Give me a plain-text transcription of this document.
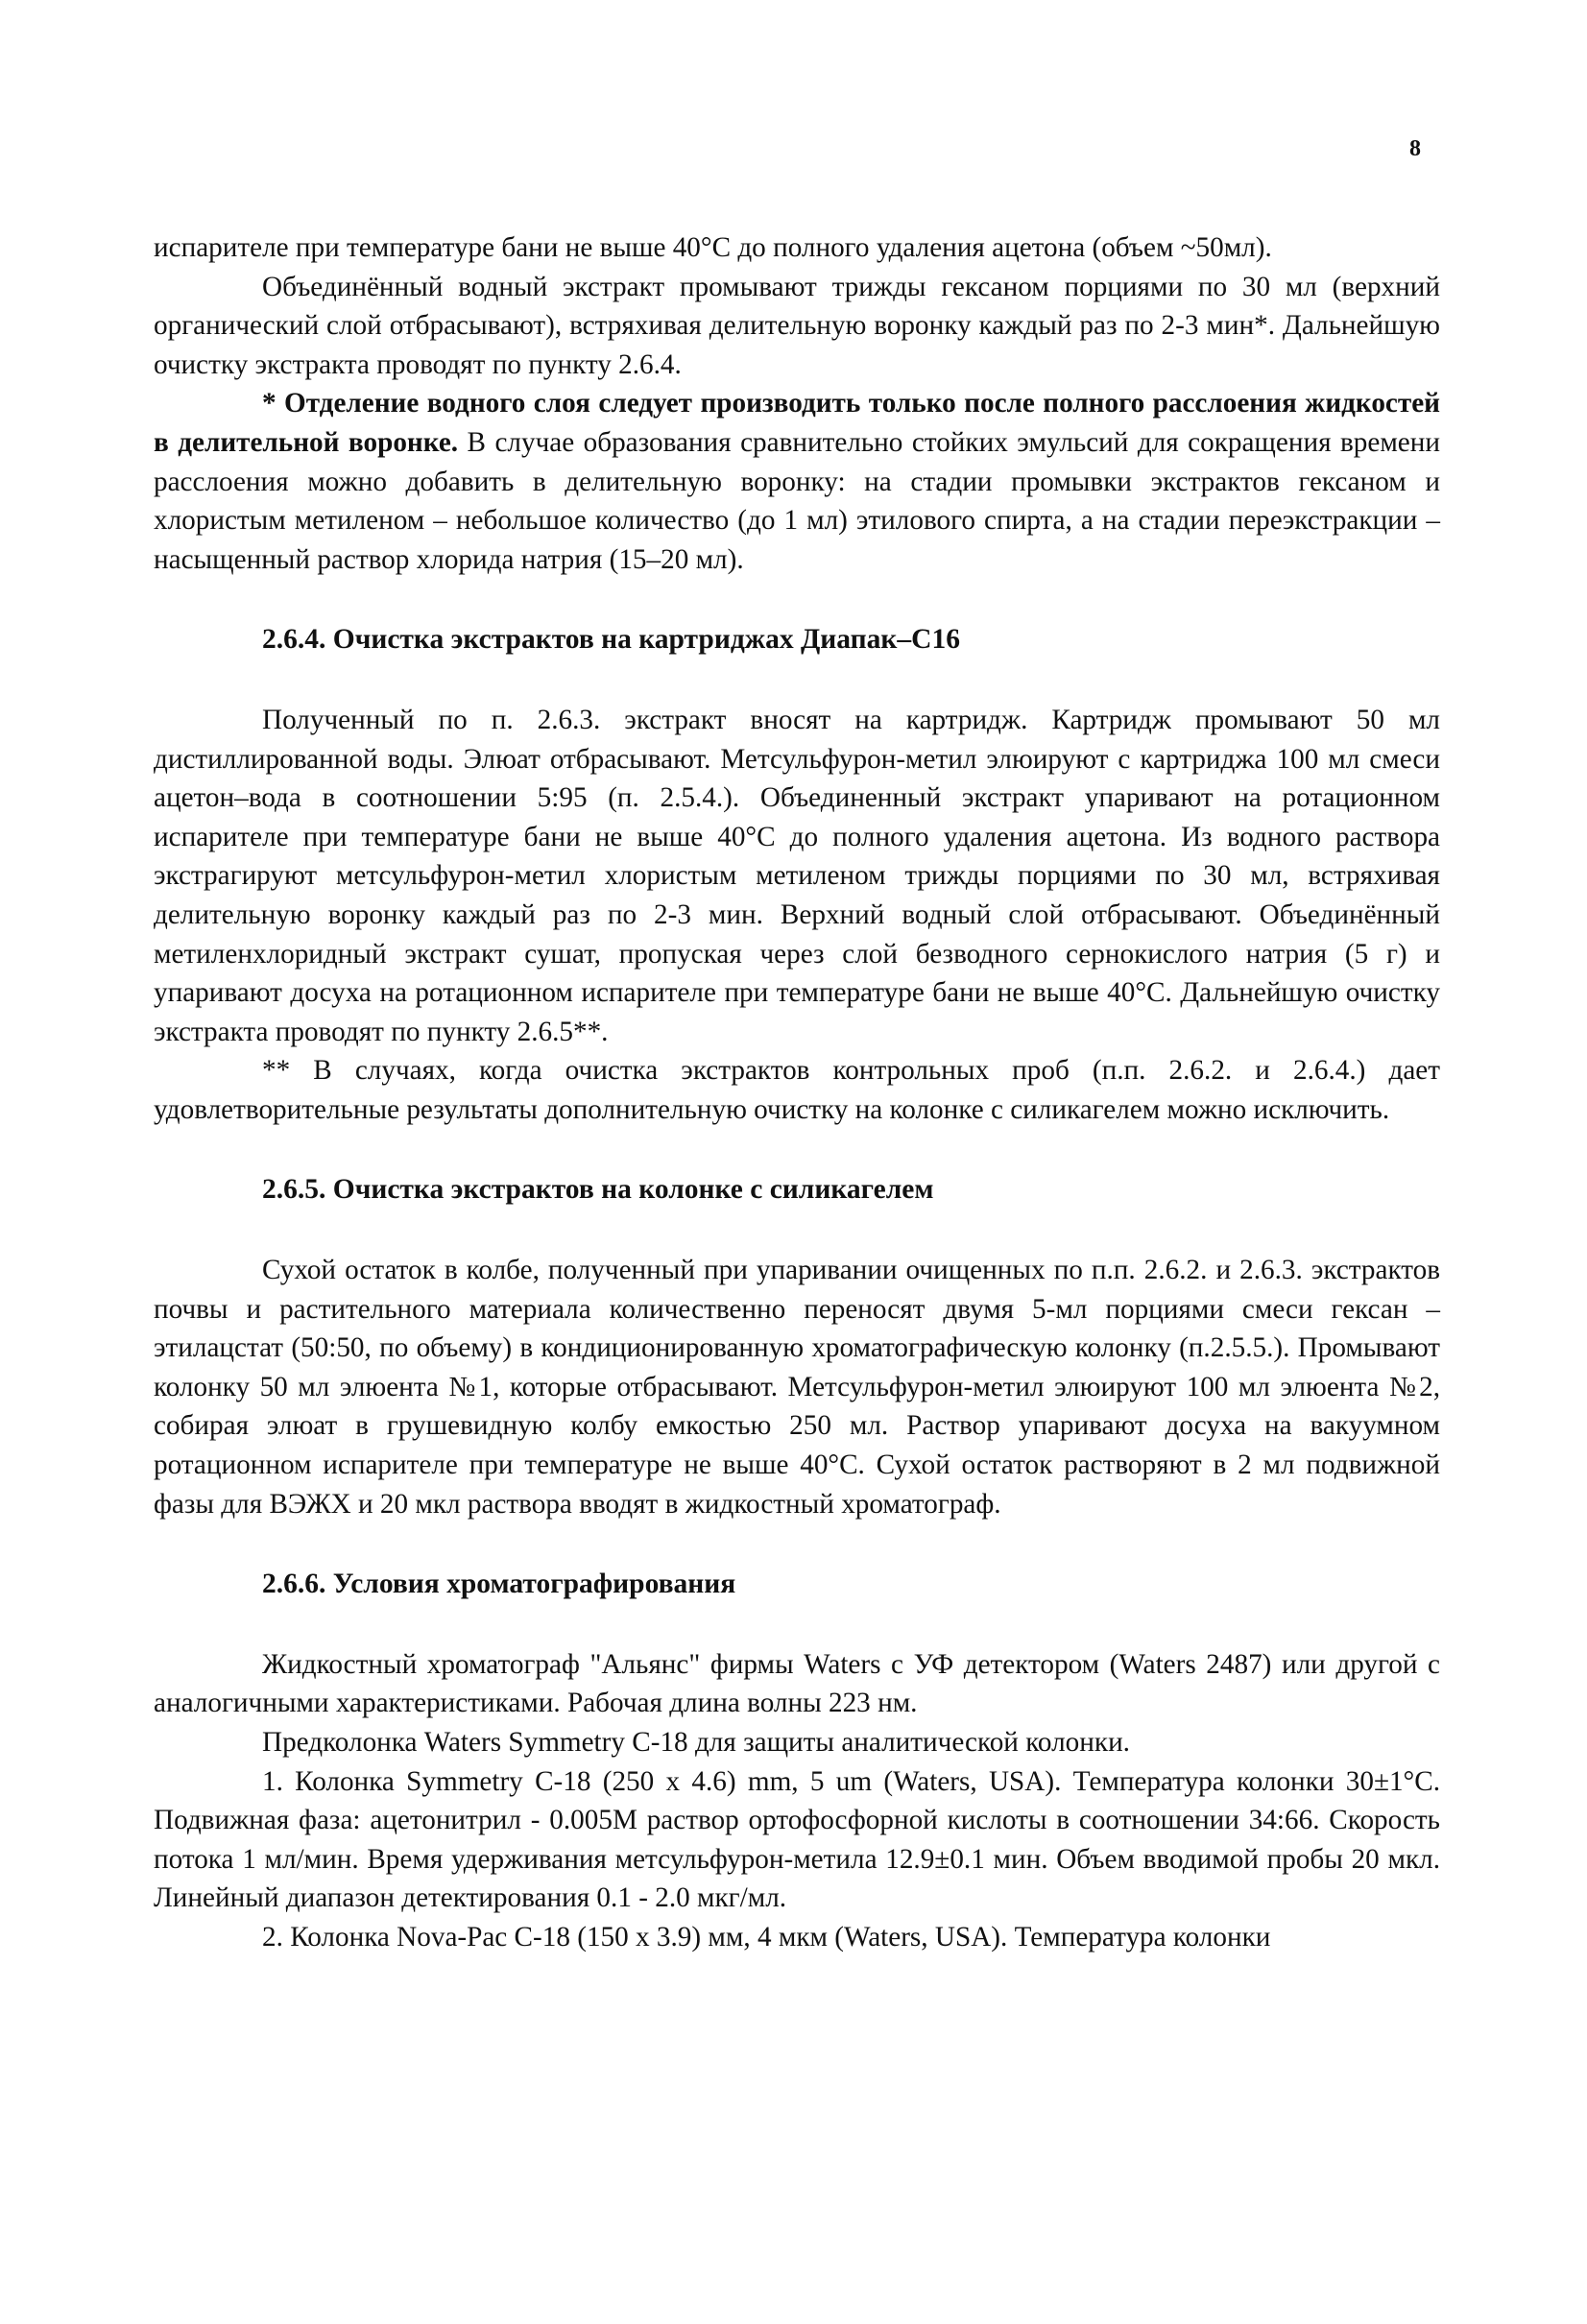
8

испарителе при температуре бани не выше 40°С до полного удаления ацетона (объем ~50мл).

Объединённый водный экстракт промывают трижды гексаном порциями по 30 мл (верхний органический слой отбрасывают), встряхивая делительную воронку каждый раз по 2-3 мин*. Дальнейшую очистку экстракта проводят по пункту 2.6.4.

* Отделение водного слоя следует производить только после полного расслоения жидкостей в делительной воронке. В случае образования сравнительно стойких эмульсий для сокращения времени расслоения можно добавить в делительную воронку: на стадии промывки экстрактов гексаном и хлористым метиленом – небольшое количество (до 1 мл) этилового спирта, а на стадии переэкстракции – насыщенный раствор хлорида натрия (15–20 мл).

2.6.4. Очистка экстрактов на картриджах Диапак–С16

Полученный по п. 2.6.3. экстракт вносят на картридж. Картридж промывают 50 мл дистиллированной воды. Элюат отбрасывают. Метсульфурон-метил элюируют с картриджа 100 мл смеси ацетон–вода в соотношении 5:95 (п. 2.5.4.). Объединенный экстракт упаривают на ротационном испарителе при температуре бани не выше 40°С до полного удаления ацетона. Из водного раствора экстрагируют метсульфурон-метил хлористым метиленом трижды порциями по 30 мл, встряхивая делительную воронку каждый раз по 2-3 мин. Верхний водный слой отбрасывают. Объединённый метиленхлоридный экстракт сушат, пропуская через слой безводного сернокислого натрия (5 г) и упаривают досуха на ротационном испарителе при температуре бани не выше 40°С. Дальнейшую очистку экстракта проводят по пункту 2.6.5**.

** В случаях, когда очистка экстрактов контрольных проб (п.п. 2.6.2. и 2.6.4.) дает удовлетворительные результаты дополнительную очистку на колонке с силикагелем можно исключить.

2.6.5. Очистка экстрактов на колонке с силикагелем

Сухой остаток в колбе, полученный при упаривании очищенных по п.п. 2.6.2. и 2.6.3. экстрактов почвы и растительного материала количественно переносят двумя 5-мл порциями смеси гексан – этилацстат (50:50, по объему) в кондиционированную хроматографическую колонку (п.2.5.5.). Промывают колонку 50 мл элюента №1, которые отбрасывают. Метсульфурон-метил элюируют 100 мл элюента №2, собирая элюат в грушевидную колбу емкостью 250 мл. Раствор упаривают досуха на вакуумном ротационном испарителе при температуре не выше 40°С. Сухой остаток растворяют в 2 мл подвижной фазы для ВЭЖХ и 20 мкл раствора вводят в жидкостный хроматограф.

2.6.6. Условия хроматографирования

Жидкостный хроматограф "Альянс" фирмы Waters с УФ детектором (Waters 2487) или другой с аналогичными характеристиками. Рабочая длина волны 223 нм.

Предколонка Waters Symmetry C-18 для защиты аналитической колонки.

1. Колонка Symmetry C-18 (250 x 4.6) mm, 5 um (Waters, USA). Температура колонки 30±1°С. Подвижная фаза: ацетонитрил - 0.005М раствор ортофосфорной кислоты в соотношении 34:66. Скорость потока 1 мл/мин. Время удерживания метсульфурон-метила 12.9±0.1 мин. Объем вводимой пробы 20 мкл. Линейный диапазон детектирования 0.1 - 2.0 мкг/мл.

2. Колонка Nova-Pac C-18 (150 x 3.9) мм, 4 мкм (Waters, USA). Температура колонки
